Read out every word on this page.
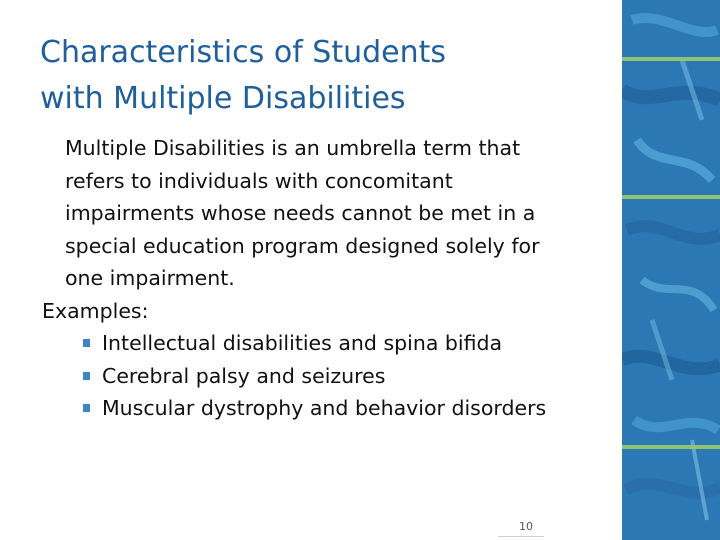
Characteristics of Students
with Multiple Disabilities
Multiple Disabilities is an umbrella term that
refers to individuals with concomitant
impairments whose needs cannot be met in a
special education program designed solely for
one impairment.
Examples:
Intellectual disabilities and spina bifida
Cerebral palsy and seizures
Muscular dystrophy and behavior disorders
10
